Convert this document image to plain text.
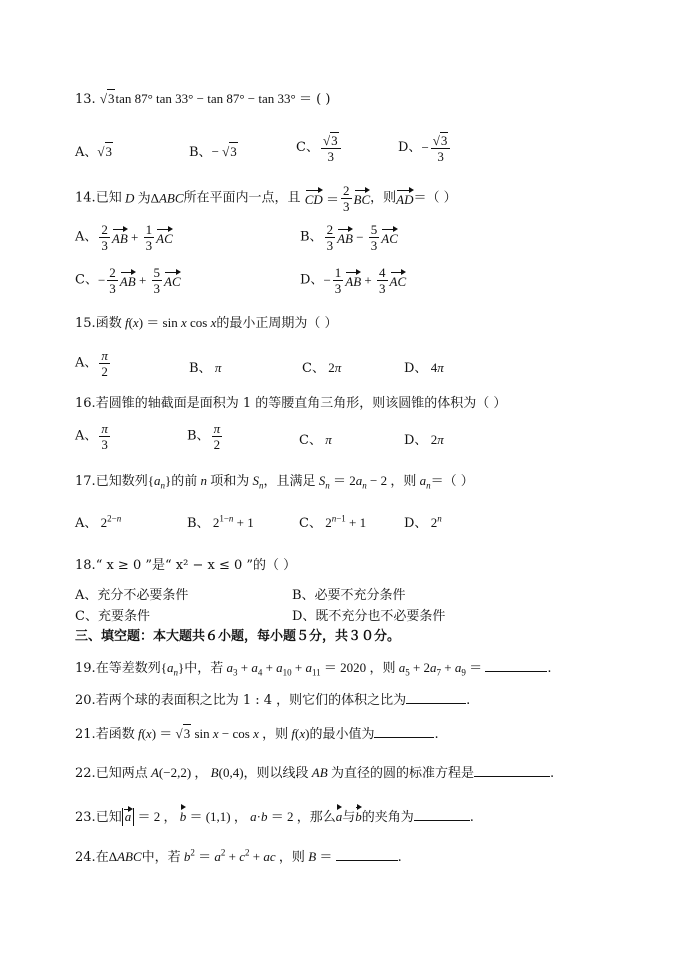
13. √3tan 87° tan 33° − tan 87° − tan 33° ＝ ( )
A、√3	B、− √3	C、 $\frac{√3}{3}$	D、− $\frac{√3}{3}$
14.已知 D 为ΔABC所在平面内一点，且 CD ＝ $\frac{2}{3}$ BC，则AD＝（ ）
A、 $\frac{2}{3}$ AB + $\frac{1}{3}$ AC	B、 $\frac{2}{3}$ AB − $\frac{5}{3}$ AC
C、− $\frac{2}{3}$ AB + $\frac{5}{3}$ AC	D、− $\frac{1}{3}$ AB + $\frac{4}{3}$ AC
15.函数 f(x) ＝ sin x cos x的最小正周期为（ ）
A、 $\frac{\pi}{2}$	B、 π	C、 2π	D、 4π
16.若圆锥的轴截面是面积为 1 的等腰直角三角形，则该圆锥的体积为（ ）
A、 $\frac{\pi}{3}$	B、 $\frac{\pi}{2}$	C、 π	D、 2π
17.已知数列$\{a_n\}$的前 n 项和为 $S_n$，且满足 $S_n = 2a_n - 2$ ，则 $a_n=$（ ）
A、 $2^{2-n}$	B、 $2^{1-n} + 1$	C、 $2^{n-1} + 1$	D、 2$^n$
18.“ x ≥ 0 ”是“ x² − x ≤ 0 ”的（ ）
A、充分不必要条件	B、必要不充分条件
C、充要条件	D、既不充分也不必要条件
三、填空题：本大题共６小题，每小题５分，共３０分。
19.在等差数列$\{a_n\}$中，若 $a_3 + a_4 + a_{10} + a_{11} = 2020$ ，则 $a_5 + 2a_7 + a_9$ ＝	.
20.若两个球的表面积之比为 1 : 4 ，则它们的体积之比为	.
21.若函数 f(x) ＝ √3 sin x − cos x ，则 f(x)的最小值为	.
22.已知两点 A(−2,2) ， B(0,4)，则以线段 AB 为直径的圆的标准方程是	.
23.已知 a ＝ 2 ， b ＝ (1,1) ， a·b ＝ 2 ，那么a与b的夹角为	.
24.在ΔABC中，若 $b^2 = a^2 + c^2$ + ac ，则 B ＝	.
